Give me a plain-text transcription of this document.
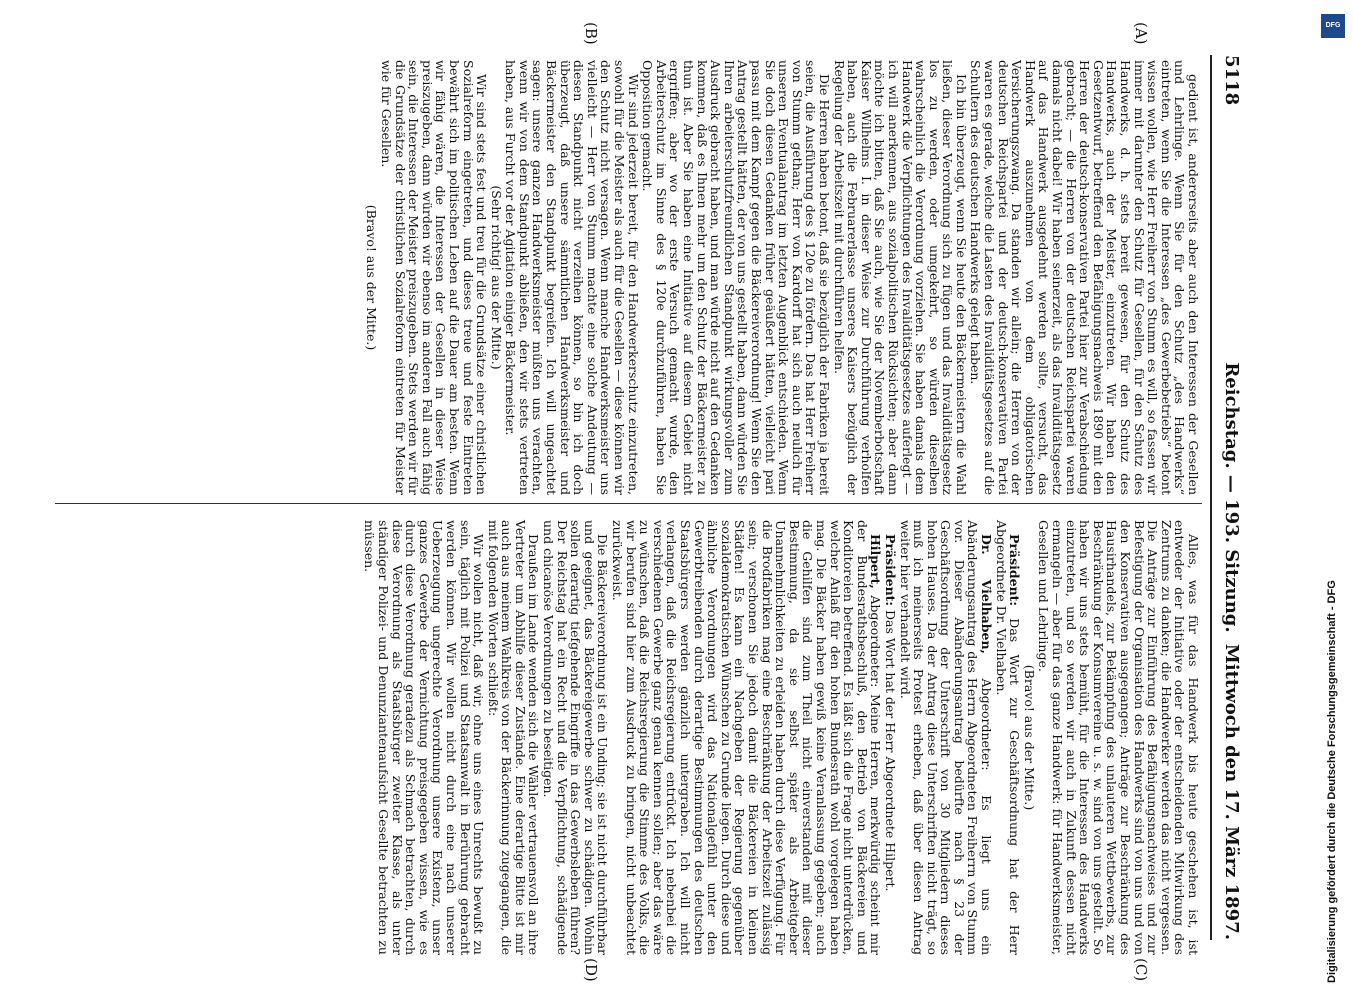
5118
Reichstag. — 193. Sitzung.
Mittwoch den 17. März 1897.
(A)
(B)
(C)
(D)

gedient ist, andererseits aber auch den Interessen der Gesellen und Lehrlinge. Wenn Sie für den Schutz „des Handwerks“ eintreten, wenn Sie die Interessen „des Gewerbebetriebs“ betont wissen wollen, wie Herr Freiherr von Stumm es will, so fassen wir immer mit darunter den Schutz für Gesellen, für den Schutz des Handwerks, d. h. stets bereit gewesen, für den Schutz des Handwerks, auch der Meister, einzutreten. Wir haben den Gesetzentwurf, betreffend den Befähigungsnachweis 1890 mit den Herren der deutsch-konservativen Partei hier zur Verabschiedung gebracht; — die Herren von der deutschen Reichspartei waren damals nicht dabei! Wir haben seinerzeit, als das Invaliditätsgesetz auf das Handwerk ausgedehnt werden sollte, versucht, das Handwerk auszunehmen von dem obligatorischen Versicherungszwang. Da standen wir allein; die Herren von der deutschen Reichspartei und der deutsch-konservativen Partei waren es gerade, welche die Lasten des Invaliditätsgesetzes auf die Schultern des deutschen Handwerks gelegt haben.

Ich bin überzeugt, wenn Sie heute den Bäckermeistern die Wahl ließen, dieser Verordnung sich zu fügen und das Invaliditätsgesetz los zu werden, oder umgekehrt, so würden dieselben wahrscheinlich die Verordnung vorziehen. Sie haben damals dem Handwerk die Verpflichtungen des Invaliditätsgesetzes auferlegt — ich will anerkennen, aus sozialpolitischen Rücksichten; aber dann möchte ich bitten, daß Sie auch, wie Sie der Novemberbotschaft Kaiser Wilhelms I. in dieser Weise zur Durchführung verholfen haben, auch die Februarerlasse unseres Kaisers bezüglich der Regelung der Arbeitszeit mit durchführen helfen.

Die Herren haben betont, daß sie bezüglich der Fabriken ja bereit seien, die Ausführung des § 120e zu fördern. Das hat Herr Freiherr von Stumm gethan; Herr von Kardorff hat sich auch neulich für unseren Eventualantrag im letzten Augenblick entschieden. Wenn Sie doch diesen Gedanken früher geäußert hätten, vielleicht pari passu mit dem Kampf gegen die Bäckereiverordnung! Wenn Sie den Antrag gestellt hätten, der von uns gestellt haben, dann würden Sie Ihren arbeiterschutzfreundlichen Standpunkt wirkungsvoller zum Ausdruck gebracht haben, und man würde nicht auf den Gedanken kommen, daß es Ihnen mehr um den Schutz der Bäckermeister zu thun ist. Aber Sie haben eine Initiative auf diesem Gebiet nicht ergriffen; aber wo der erste Versuch gemacht wurde, den Arbeiterschutz im Sinne des § 120e durchzuführen, haben Sie Opposition gemacht.

Wir sind jederzeit bereit, für den Handwerkerschutz einzutreten, sowohl für die Meister als auch für die Gesellen — diese können wir den Schutz nicht versagen. Wenn manche Handwerksmeister uns vielleicht — Herr von Stumm machte eine solche Andeutung — diesen Standpunkt nicht verzeihen können, so bin ich doch überzeugt, daß unsere sämmtlichen Handwerksmeister und Bäckermeister den Standpunkt begreifen. Ich will ungeachtet sagen: unsere ganzen Handwerksmeister müßten uns verachten, wenn wir von dem Standpunkt abließen, den wir stets vertreten haben, aus Furcht vor der Agitation einiger Bäckermeister.

(Sehr richtig! aus der Mitte.)

Wir sind stets fest und treu für die Grundsätze einer christlichen Sozialreform eingetreten, und dieses treue und feste Eintreten bewährt sich im politischen Leben auf die Dauer am besten. Wenn wir fähig wären, die Interessen der Gesellen in dieser Weise preiszugeben, dann würden wir ebenso im anderen Fall auch fähig sein, die Interessen der Meister preiszugeben. Stets werden wir für die Grundsätze der christlichen Sozialreform eintreten für Meister wie für Gesellen.

(Bravo! aus der Mitte.)

Alles, was für das Handwerk bis heute geschehen ist, ist entweder der Initiative oder der entscheidenden Mitwirkung des Zentrums zu danken; die Handwerker werden das nicht vergessen. Die Anträge zur Einführung des Befähigungsnachweises und zur Befestigung der Organisation des Handwerks sind von uns und von den Konservativen ausgegangen; Anträge zur Beschränkung des Hausirhandels, zur Bekämpfung des unlauteren Wettbewerbs, zur Beschränkung der Konsumvereine u. s. w. sind von uns gestellt. So haben wir uns stets bemüht, für die Interessen des Handwerks einzutreten, und so werden wir auch in Zukunft dessen nicht ermangeln — aber für das ganze Handwerk: für Handwerksmeister, Gesellen und Lehrlinge.

(Bravo! aus der Mitte.)

Präsident: Das Wort zur Geschäftsordnung hat der Herr Abgeordnete Dr. Vielhaben.

Dr. Vielhaben, Abgeordneter: Es liegt uns ein Abänderungsantrag des Herrn Abgeordneten Freiherrn von Stumm vor. Dieser Abänderungsantrag bedürfte nach § 23 der Geschäftsordnung der Unterschrift von 30 Mitgliedern dieses hohen Hauses. Da der Antrag diese Unterschriften nicht trägt, so muß ich meinerseits Protest erheben, daß über diesen Antrag weiter hier verhandelt wird.

Präsident: Das Wort hat der Herr Abgeordnete Hilpert.

Hilpert, Abgeordneter: Meine Herren, merkwürdig scheint mir der Bundesrathsbeschluß, den Betrieb von Bäckereien und Konditoreien betreffend. Es läßt sich die Frage nicht unterdrücken, welcher Anlaß für den hohen Bundesrath wohl vorgelegen haben mag. Die Bäcker haben gewiß keine Veranlassung gegeben; auch die Gehilfen sind zum Theil nicht einverstanden mit dieser Bestimmung, da sie selbst später als Arbeitgeber Unannehmlichkeiten zu erleiden haben durch diese Verfügung. Für die Brodfabriken mag eine Beschränkung der Arbeitszeit zulässig sein; verschonen Sie jedoch damit die Bäckereien in kleinen Städten! Es kann ein Nachgeben der Regierung gegenüber sozialdemokratischen Wünschen zu Grunde liegen. Durch diese und ähnliche Verordnungen wird das Nationalgefühl unter den Gewerbtreibenden durch derartige Bestimmungen des deutschen Staatsbürgers werden gänzlich untergraben. Ich will nicht verlangen, daß die Reichsregierung entrückt. Ich nebenbei die verschiedenen Gewerbe ganz genau kennen sollen; aber das wäre zu wünschen, daß die Reichsregierung die Stimme des Volks, die wir berufen sind hier zum Ausdruck zu bringen, nicht unbeachtet zurückweist.

Die Bäckereiverordnung ist ein Unding; sie ist nicht durchführbar und geeignet, das Bäckereigewerbe schwer zu schädigen. Wohin sollen derartig tiefgehende Eingriffe in das Gewerbsleben führen? Der Reichstag hat ein Recht und die Verpflichtung, schädigende und chicanöse Verordnungen zu beseitigen.

Draußen im Lande wenden sich die Wähler vertrauensvoll an ihre Vertreter um Abhilfe dieser Zustände. Eine derartige Bitte ist mir auch aus meinem Wahlkreis von der Bäckerinnung zugegangen, die mit folgenden Worten schließt:

Wir wollen nicht, daß wir, ohne uns eines Unrechts bewußt zu sein, täglich mit Polizei und Staatsanwalt in Berührung gebracht werden können. Wir wollen nicht durch eine nach unserer Ueberzeugung ungerechte Verordnung unsere Existenz, unser ganzes Gewerbe der Vernichtung preisgegeben wissen, wie es durch diese Verordnung geradezu als Schmach betrachten, durch diese Verordnung als Staatsbürger zweiter Klasse, als unter ständiger Polizei- und Denunziantenaufsicht Gesellte betrachten zu müssen.

DFG
Digitalisierung gefördert durch die Deutsche Forschungsgemeinschaft - DFG
